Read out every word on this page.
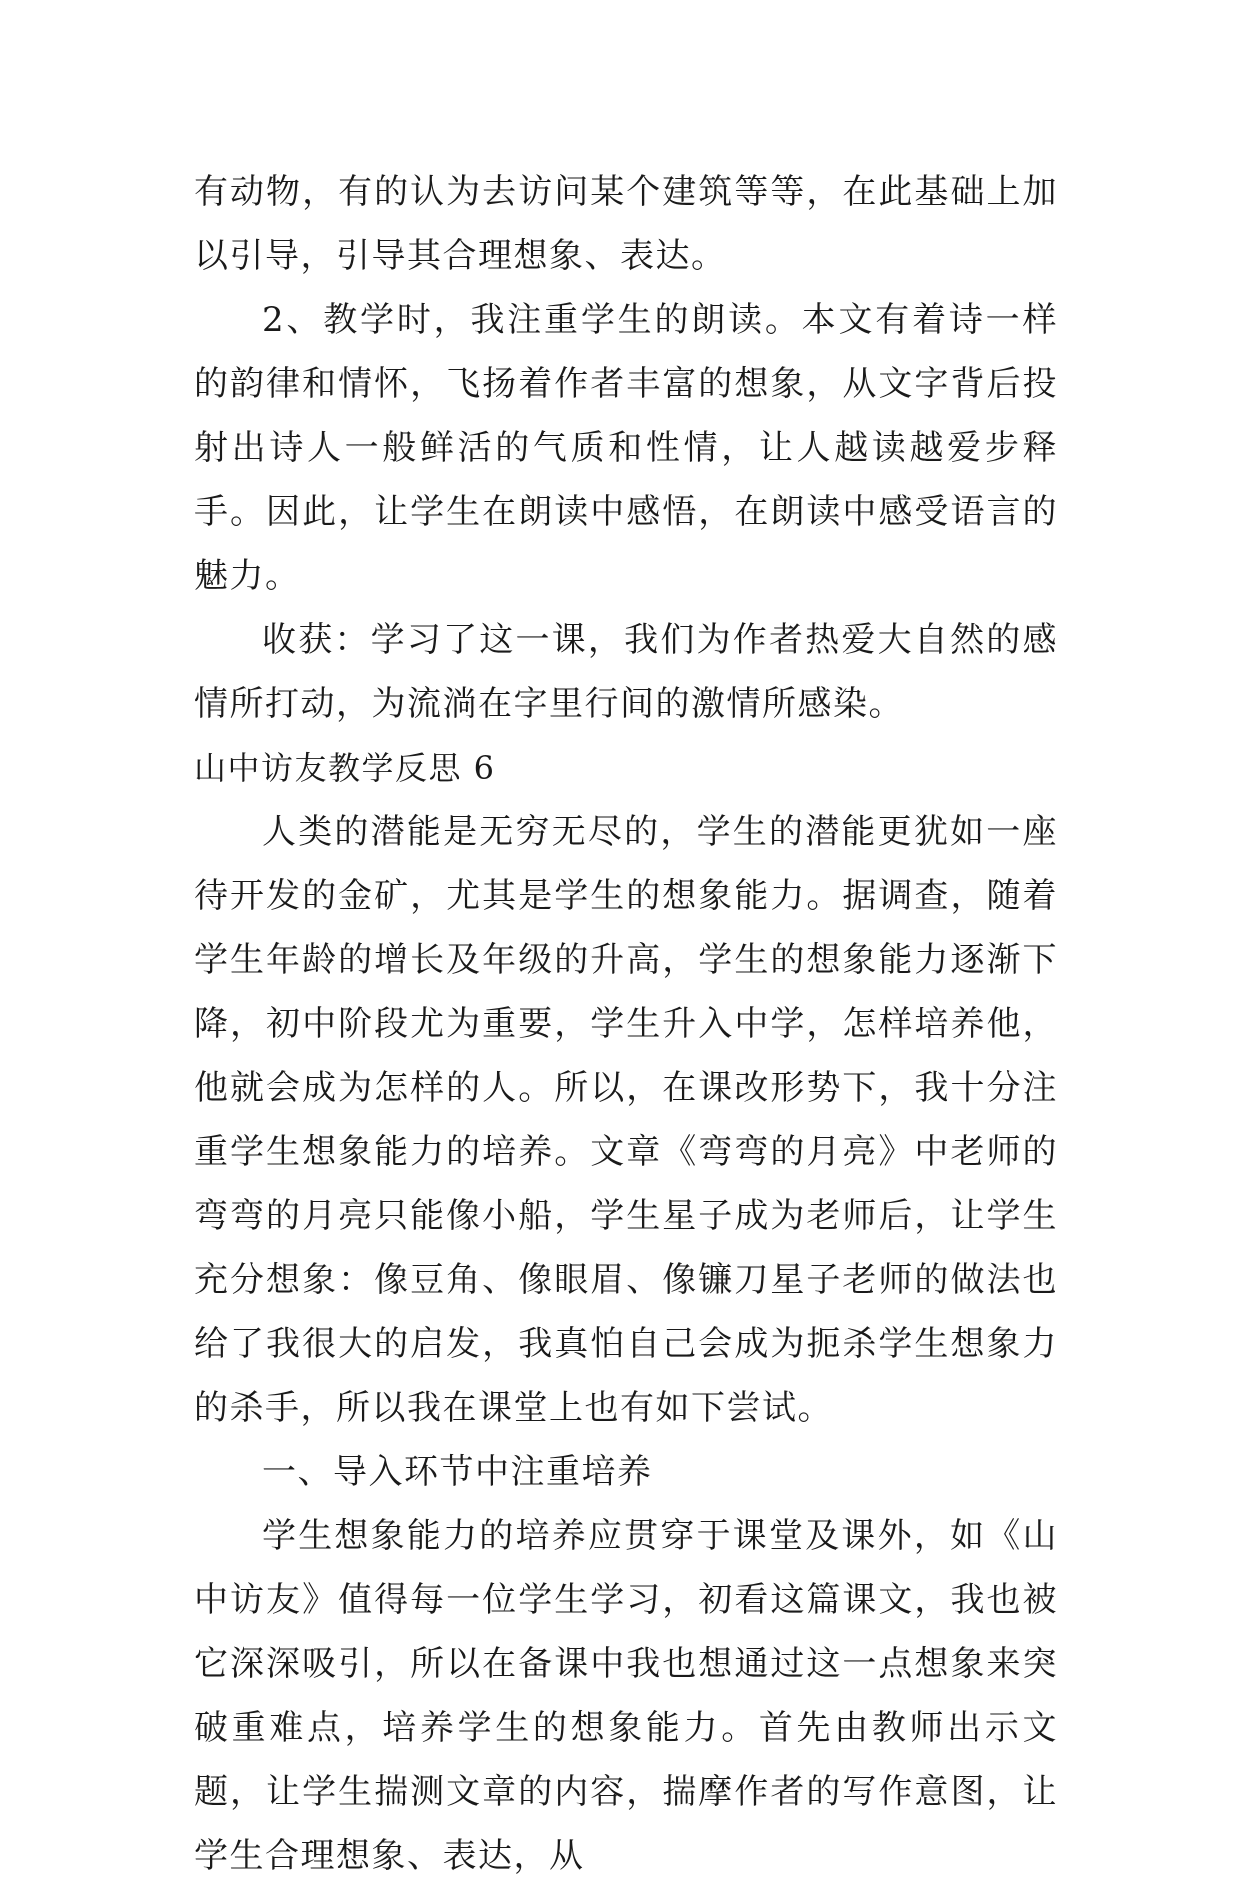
有动物，有的认为去访问某个建筑等等，在此基础上加以引导，引导其合理想象、表达。

2、教学时，我注重学生的朗读。本文有着诗一样的韵律和情怀，飞扬着作者丰富的想象，从文字背后投射出诗人一般鲜活的气质和性情，让人越读越爱步释手。因此，让学生在朗读中感悟，在朗读中感受语言的魅力。

收获：学习了这一课，我们为作者热爱大自然的感情所打动，为流淌在字里行间的激情所感染。

山中访友教学反思 6

人类的潜能是无穷无尽的，学生的潜能更犹如一座待开发的金矿，尤其是学生的想象能力。据调查，随着学生年龄的增长及年级的升高，学生的想象能力逐渐下降，初中阶段尤为重要，学生升入中学，怎样培养他，他就会成为怎样的人。所以，在课改形势下，我十分注重学生想象能力的培养。文章《弯弯的月亮》中老师的弯弯的月亮只能像小船，学生星子成为老师后，让学生充分想象：像豆角、像眼眉、像镰刀星子老师的做法也给了我很大的启发，我真怕自己会成为扼杀学生想象力的杀手，所以我在课堂上也有如下尝试。

一、导入环节中注重培养

学生想象能力的培养应贯穿于课堂及课外，如《山中访友》值得每一位学生学习，初看这篇课文，我也被它深深吸引，所以在备课中我也想通过这一点想象来突破重难点，培养学生的想象能力。首先由教师出示文题，让学生揣测文章的内容，揣摩作者的写作意图，让学生合理想象、表达，从
